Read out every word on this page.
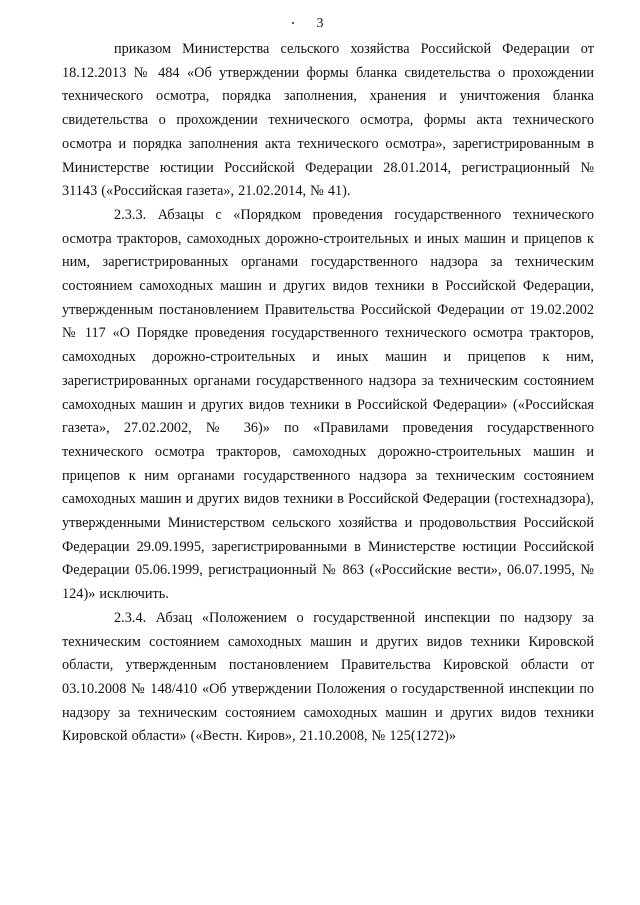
3

приказом Министерства сельского хозяйства Российской Федерации от 18.12.2013 № 484 «Об утверждении формы бланка свидетельства о прохождении технического осмотра, порядка заполнения, хранения и уничтожения бланка свидетельства о прохождении технического осмотра, формы акта технического осмотра и порядка заполнения акта технического осмотра», зарегистрированным в Министерстве юстиции Российской Федерации 28.01.2014, регистрационный № 31143 («Российская газета», 21.02.2014, № 41).

2.3.3. Абзацы с «Порядком проведения государственного технического осмотра тракторов, самоходных дорожно-строительных и иных машин и прицепов к ним, зарегистрированных органами государственного надзора за техническим состоянием самоходных машин и других видов техники в Российской Федерации, утвержденным постановлением Правительства Российской Федерации от 19.02.2002 № 117 «О Порядке проведения государственного технического осмотра тракторов, самоходных дорожно-строительных и иных машин и прицепов к ним, зарегистрированных органами государственного надзора за техническим состоянием самоходных машин и других видов техники в Российской Федерации» («Российская газета», 27.02.2002, № 36)» по «Правилами проведения государственного технического осмотра тракторов, самоходных дорожно-строительных машин и прицепов к ним органами государственного надзора за техническим состоянием самоходных машин и других видов техники в Российской Федерации (гостехнадзора), утвержденными Министерством сельского хозяйства и продовольствия Российской Федерации 29.09.1995, зарегистрированными в Министерстве юстиции Российской Федерации 05.06.1999, регистрационный № 863 («Российские вести», 06.07.1995, № 124)» исключить.

2.3.4. Абзац «Положением о государственной инспекции по надзору за техническим состоянием самоходных машин и других видов техники Кировской области, утвержденным постановлением Правительства Кировской области от 03.10.2008 № 148/410 «Об утверждении Положения о государственной инспекции по надзору за техническим состоянием самоходных машин и других видов техники Кировской области» («Вестн. Киров», 21.10.2008, № 125(1272)»
